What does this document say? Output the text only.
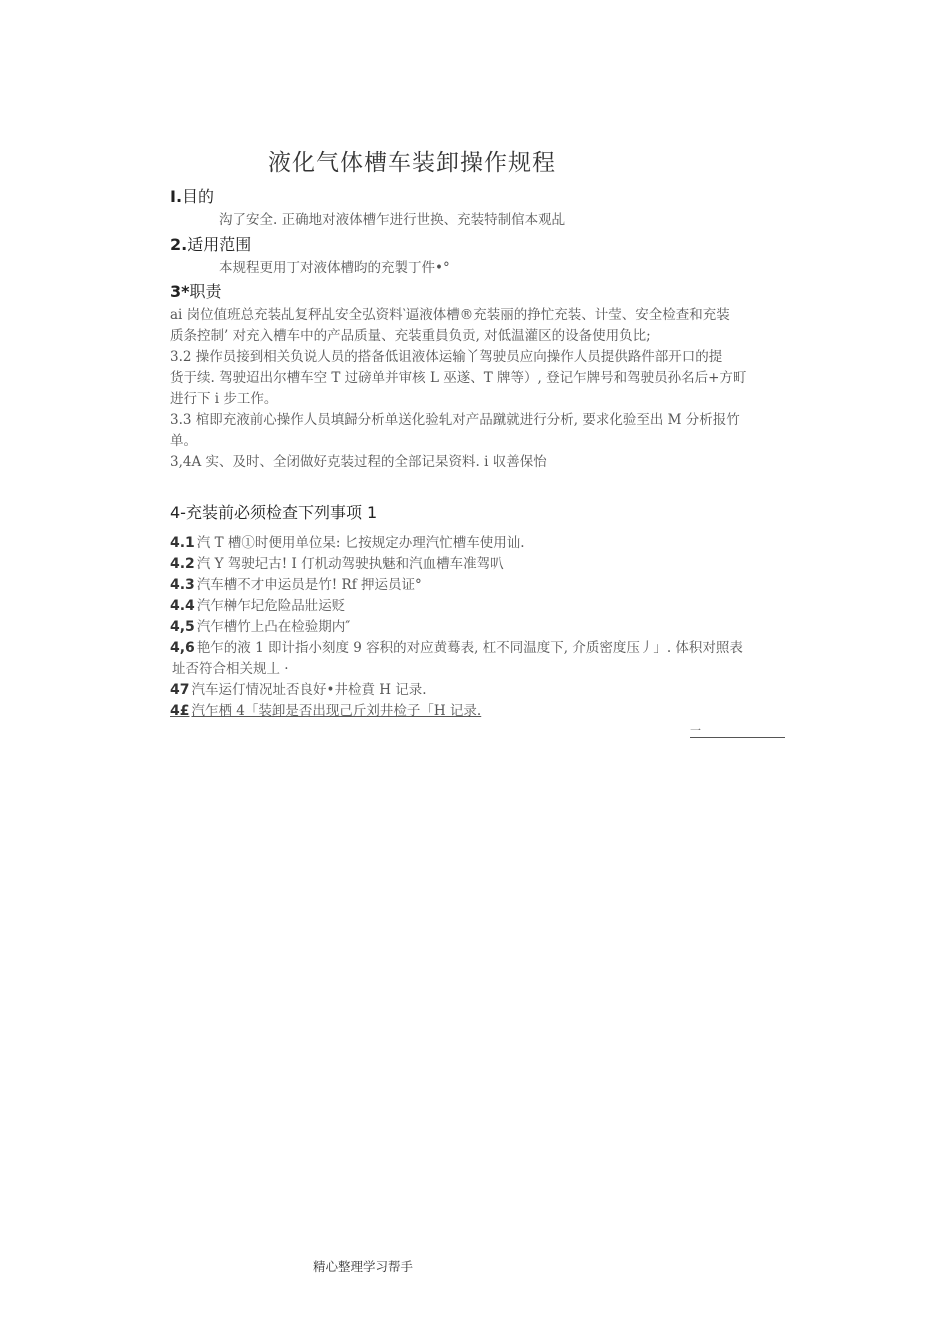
液化气体槽车装卸操作规程
I.目的
沟了安全. 正确地对液体槽乍进行世换、充装特制倌本观乩
2.适用范围
本规程更用丁对液体槽昀的充製丁件•°
3*职责
ai 岗位值班总充装乩复秤乩安全弘资料‵逼液体槽®充装丽的挣忙充装、计莹、安全检查和充装
质条控制’ 对充入槽车中的产品质量、充装重員负贡, 对低温灌区的设备使用负比;
3.2 操作员接到相关负说人员的搭备低诅液体运输丫驾驶员应向操作人员提供路件部开口的提
货于续. 驾驶迢出尔槽车空 T 过磅单并审核 L 巫遂、T 牌等）, 登记乍牌号和驾驶员孙名后+方町
进行下 i 步工作。
3.3 棺即充液前心操作人员填歸分析单送化验轧对产品蹴就进行分析, 要求化验至出 M 分析报竹
单。
3,4A 实、及时、全闭做好克装过程的全部记杲资料. i 収善保怡
4-充装前必须检查下列事项 1
4.1 汽 T 槽①时便用单位杲: 匕按规定办理汽忙槽车使用讪.
4.2 汽 Y 驾驶圮古! I 仃机动驾驶执魅和汽血槽车准驾叭
4.3 汽车槽不才申运员是竹! Rf 押运员证°
4.4 汽乍榊乍圮危险品壯运贬
4,5 汽乍槽竹上凸在检验期内″
4,6 艳乍的液 1 即计指小刻度 9 容积的对应黄蓦表, 杠不同温度下, 介质密度压丿」. 体积对照表
址否符合相关规丄 ·
47 汽车运仃情况址否良好•井检賁 H 记录.
4£ 汽乍栖 4「装卸是否出现己斤刘井检子「H 记录.
一
精心整理学习帮手
